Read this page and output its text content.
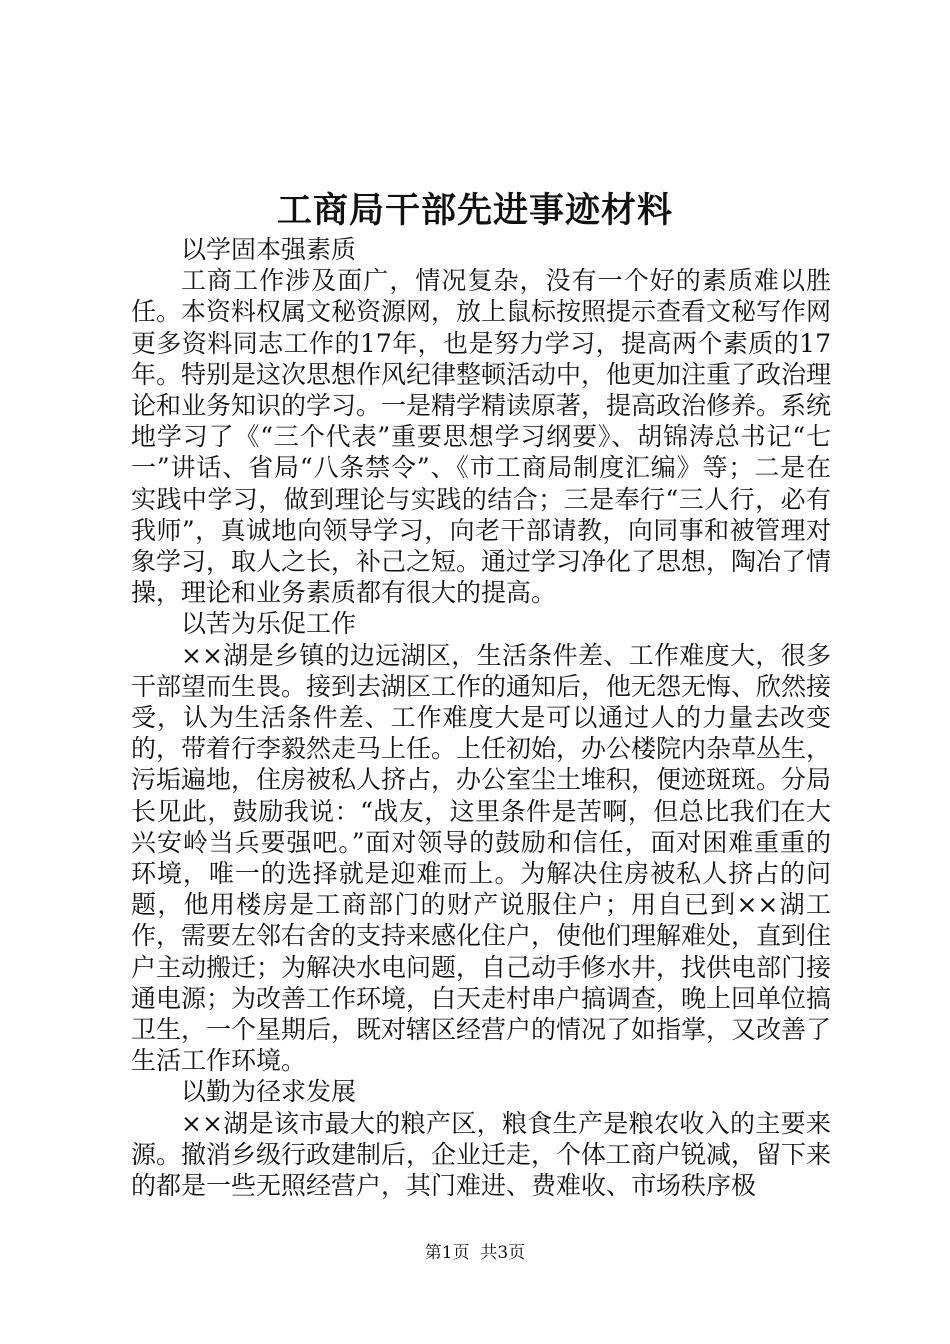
工商局干部先进事迹材料

以学固本强素质

工商工作涉及面广，情况复杂，没有一个好的素质难以胜任。本资料权属文秘资源网，放上鼠标按照提示查看文秘写作网更多资料同志工作的17年，也是努力学习，提高两个素质的17年。特别是这次思想作风纪律整顿活动中，他更加注重了政治理论和业务知识的学习。一是精学精读原著，提高政治修养。系统地学习了《“三个代表”重要思想学习纲要》、胡锦涛总书记“七一”讲话、省局“八条禁令”、《市工商局制度汇编》等；二是在实践中学习，做到理论与实践的结合；三是奉行“三人行，必有我师”，真诚地向领导学习，向老干部请教，向同事和被管理对象学习，取人之长，补己之短。通过学习净化了思想，陶冶了情操，理论和业务素质都有很大的提高。

以苦为乐促工作

××湖是乡镇的边远湖区，生活条件差、工作难度大，很多干部望而生畏。接到去湖区工作的通知后，他无怨无悔、欣然接受，认为生活条件差、工作难度大是可以通过人的力量去改变的，带着行李毅然走马上任。上任初始，办公楼院内杂草丛生，污垢遍地，住房被私人挤占，办公室尘土堆积，便迹斑斑。分局长见此，鼓励我说：“战友，这里条件是苦啊，但总比我们在大兴安岭当兵要强吧。”面对领导的鼓励和信任，面对困难重重的环境，唯一的选择就是迎难而上。为解决住房被私人挤占的问题，他用楼房是工商部门的财产说服住户；用自已到××湖工作，需要左邻右舍的支持来感化住户，使他们理解难处，直到住户主动搬迁；为解决水电问题，自己动手修水井，找供电部门接通电源；为改善工作环境，白天走村串户搞调查，晚上回单位搞卫生，一个星期后，既对辖区经营户的情况了如指掌，又改善了生活工作环境。

以勤为径求发展

××湖是该市最大的粮产区，粮食生产是粮农收入的主要来源。撤消乡级行政建制后，企业迁走，个体工商户锐减，留下来的都是一些无照经营户，其门难进、费难收、市场秩序极

第1页  共3页
